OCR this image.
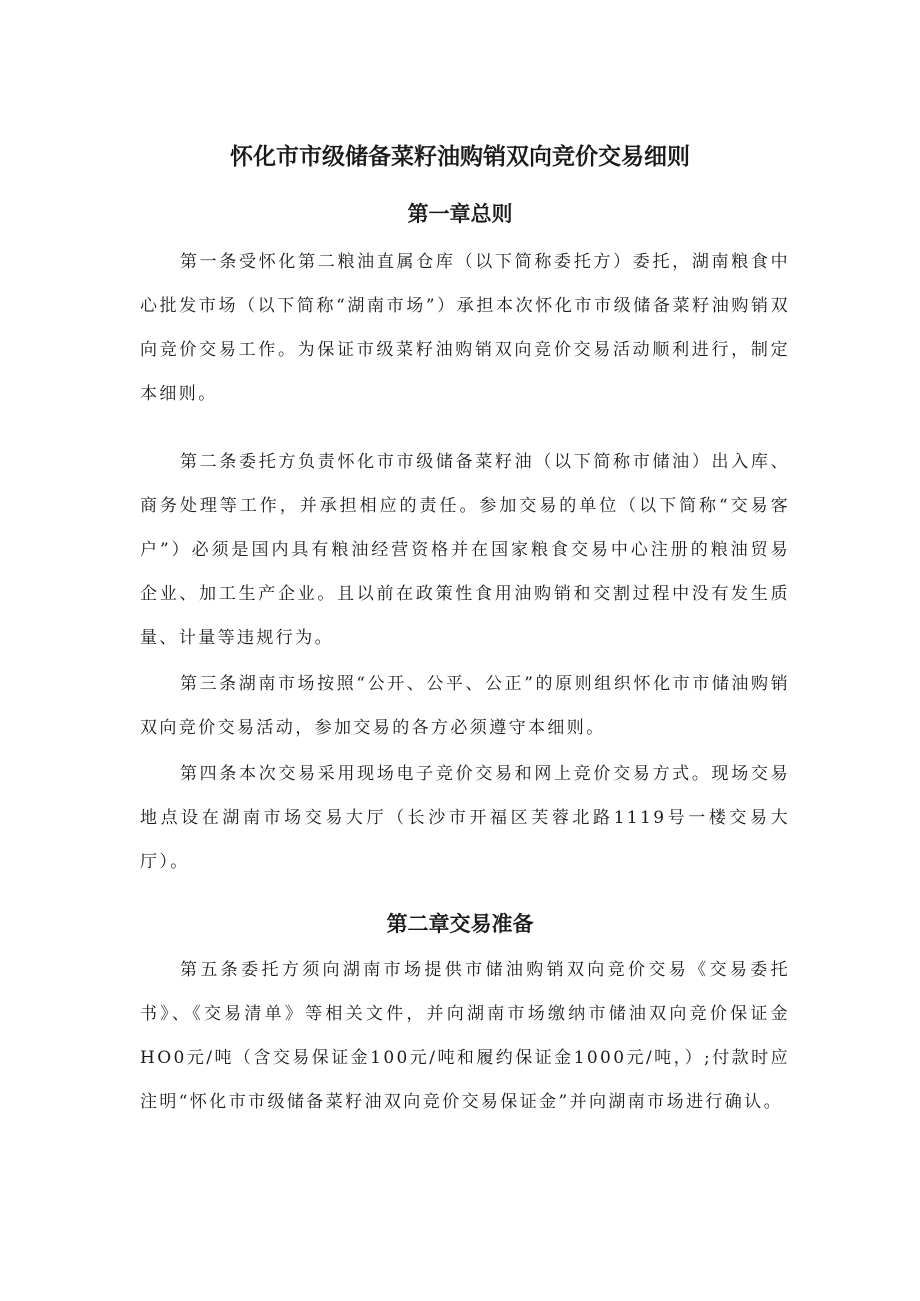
怀化市市级储备菜籽油购销双向竞价交易细则
第一章总则

第一条受怀化第二粮油直属仓库（以下简称委托方）委托，湖南粮食中心批发市场（以下简称“湖南市场”）承担本次怀化市市级储备菜籽油购销双向竞价交易工作。为保证市级菜籽油购销双向竞价交易活动顺利进行，制定本细则。

第二条委托方负责怀化市市级储备菜籽油（以下简称市储油）出入库、商务处理等工作，并承担相应的责任。参加交易的单位（以下简称“交易客户”）必须是国内具有粮油经营资格并在国家粮食交易中心注册的粮油贸易企业、加工生产企业。且以前在政策性食用油购销和交割过程中没有发生质量、计量等违规行为。

第三条湖南市场按照“公开、公平、公正”的原则组织怀化市市储油购销双向竞价交易活动，参加交易的各方必须遵守本细则。

第四条本次交易采用现场电子竞价交易和网上竞价交易方式。现场交易地点设在湖南市场交易大厅（长沙市开福区芙蓉北路1119号一楼交易大厅）。

第二章交易准备

第五条委托方须向湖南市场提供市储油购销双向竞价交易《交易委托书》、《交易清单》等相关文件，并向湖南市场缴纳市储油双向竞价保证金HO0元/吨（含交易保证金100元/吨和履约保证金1000元/吨，）;付款时应注明“怀化市市级储备菜籽油双向竞价交易保证金”并向湖南市场进行确认。
